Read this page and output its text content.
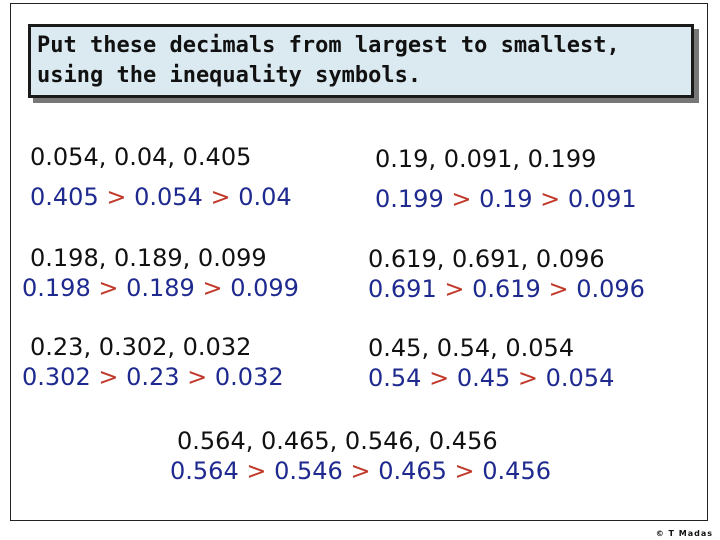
Put these decimals from largest to smallest,
using the inequality symbols.

0.054, 0.04, 0.405
0.405 > 0.054 > 0.04
0.19, 0.091, 0.199
0.199 > 0.19 > 0.091
0.198, 0.189, 0.099
0.198 > 0.189 > 0.099
0.619, 0.691, 0.096
0.691 > 0.619 > 0.096
0.23, 0.302, 0.032
0.302 > 0.23 > 0.032
0.45, 0.54, 0.054
0.54 > 0.45 > 0.054
0.564, 0.465, 0.546, 0.456
0.564 > 0.546 > 0.465 > 0.456
© T Madas
